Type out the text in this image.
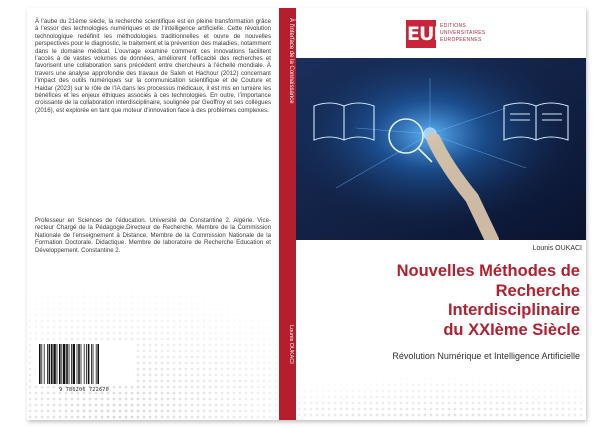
À l’aube du 21ème siècle, la recherche scientifique est en pleine transformation grâce à l’essor des technologies numériques et de l’intelligence artificielle. Cette révolution technologique redéfinit les méthodologies traditionnelles et ouvre de nouvelles perspectives pour le diagnostic, le traitement et la prévention des maladies, notamment dans le domaine médical. L’ouvrage examine comment ces innovations facilitent l’accès à de vastes volumes de données, améliorent l’efficacité des recherches et favorisent une collaboration sans précédent entre chercheurs à l’échelle mondiale. À travers une analyse approfondie des travaux de Saleh et Hachour (2012) concernant l’impact des outils numériques sur la communication scientifique et de Couture et Haidar (2023) sur le rôle de l’IA dans les processus médicaux, il est mis en lumière les bénéfices et les enjeux éthiques associés à ces technologies. En outre, l’importance croissante de la collaboration interdisciplinaire, soulignée par Geoffroy et ses collègues (2016), est explorée en tant que moteur d’innovation face à des problèmes complexes.

Professeur en Sciences de l’éducation. Université de Constantine 2. Algérie. Vice-recteur Chargé de la Pédagogie.Directeur de Recherche. Membre de la Commission Nationale de l’enseignement à Distance. Membre de la Commission Nationale de la Formation Doctorale. Didactique. Membre de laboratoire de Recherche Education et Développement. Constantine 2.

9 786206 722670
À l'interface de la Connaissance
Lounis OUKACI
EUE
EDITIONS
UNIVERSITAIRES
EUROPEENNES
Lounis OUKACI
Nouvelles Méthodes de
Recherche
Interdisciplinaire
du XXIème Siècle
Révolution Numérique et Intelligence Artificielle
